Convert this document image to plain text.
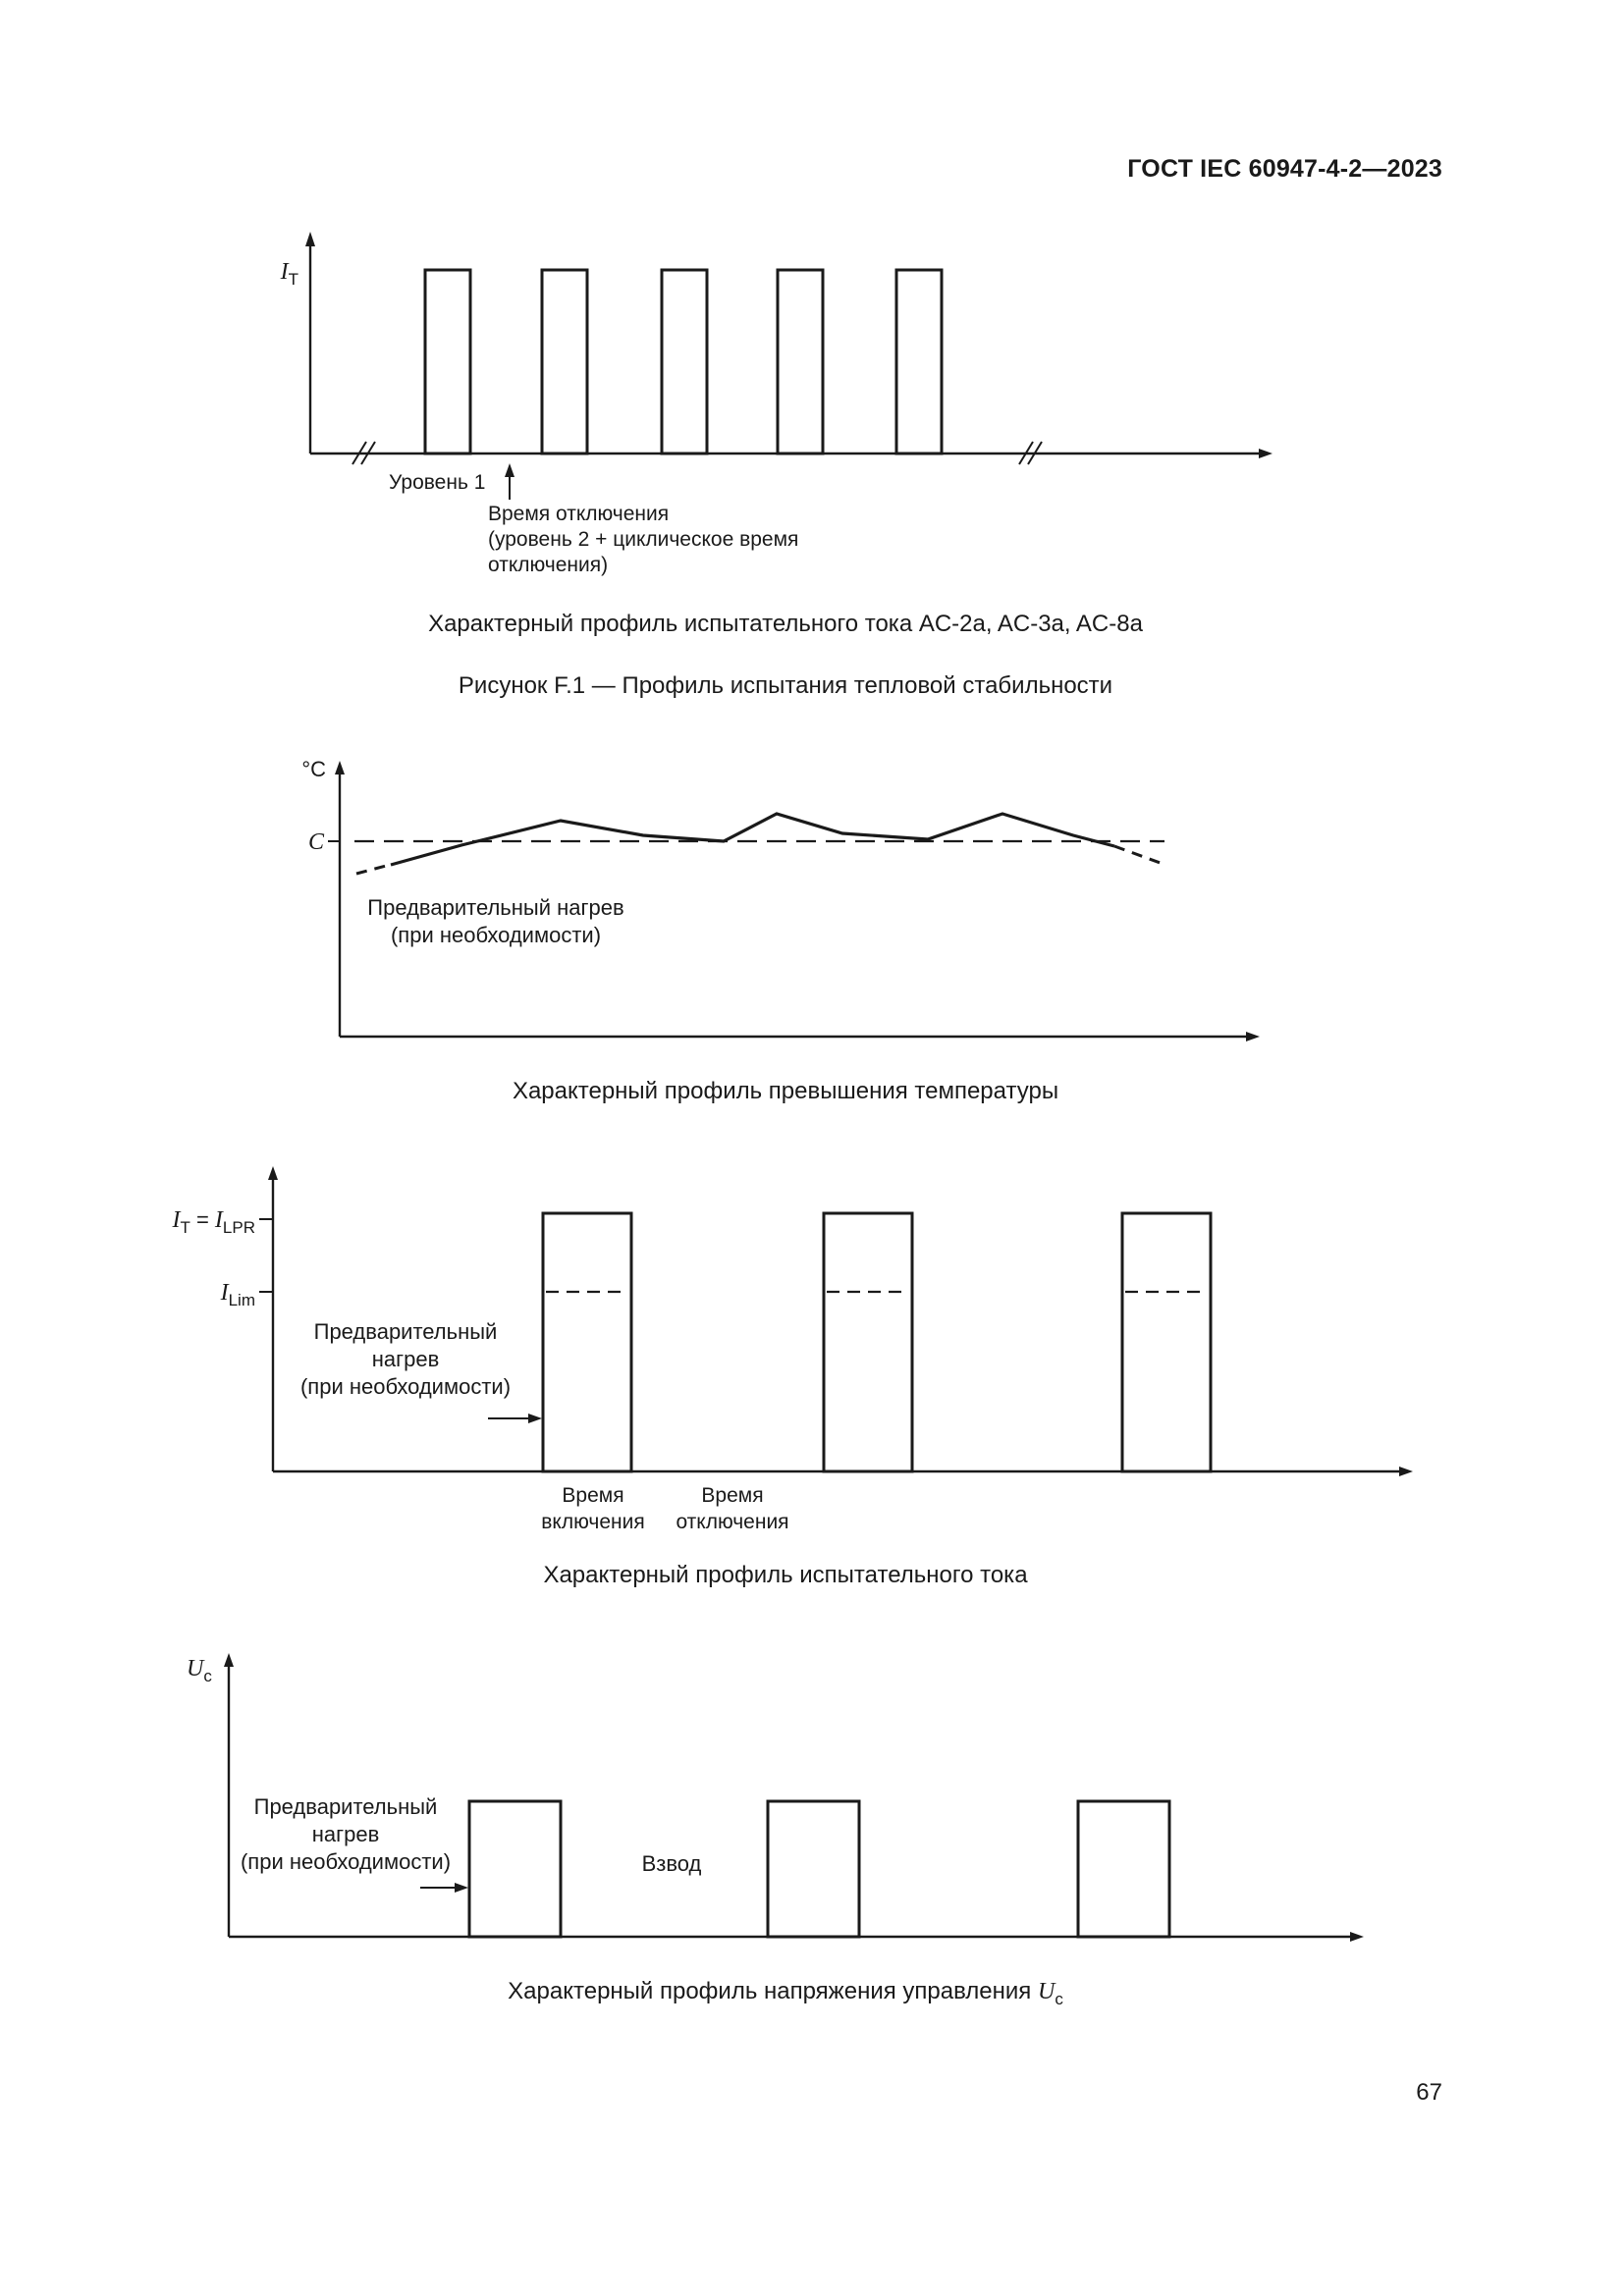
ГОСТ IEC 60947-4-2—2023
$I_T$
Уровень 1
Время отключения
(уровень 2 + циклическое время
отключения)
Характерный профиль испытательного тока AC-2a, AC-3a, AC-8a
Рисунок F.1 — Профиль испытания тепловой стабильности
°C
C
Предварительный нагрев
(при необходимости)
Характерный профиль превышения температуры
$I_T = I_{LPR}$
$I_{Lim}$
Предварительный
нагрев
(при необходимости)
Время
включения
Время
отключения
Характерный профиль испытательного тока
$U_c$
Предварительный
нагрев
(при необходимости)	Взвод
Характерный профиль напряжения управления $U_c$
67
